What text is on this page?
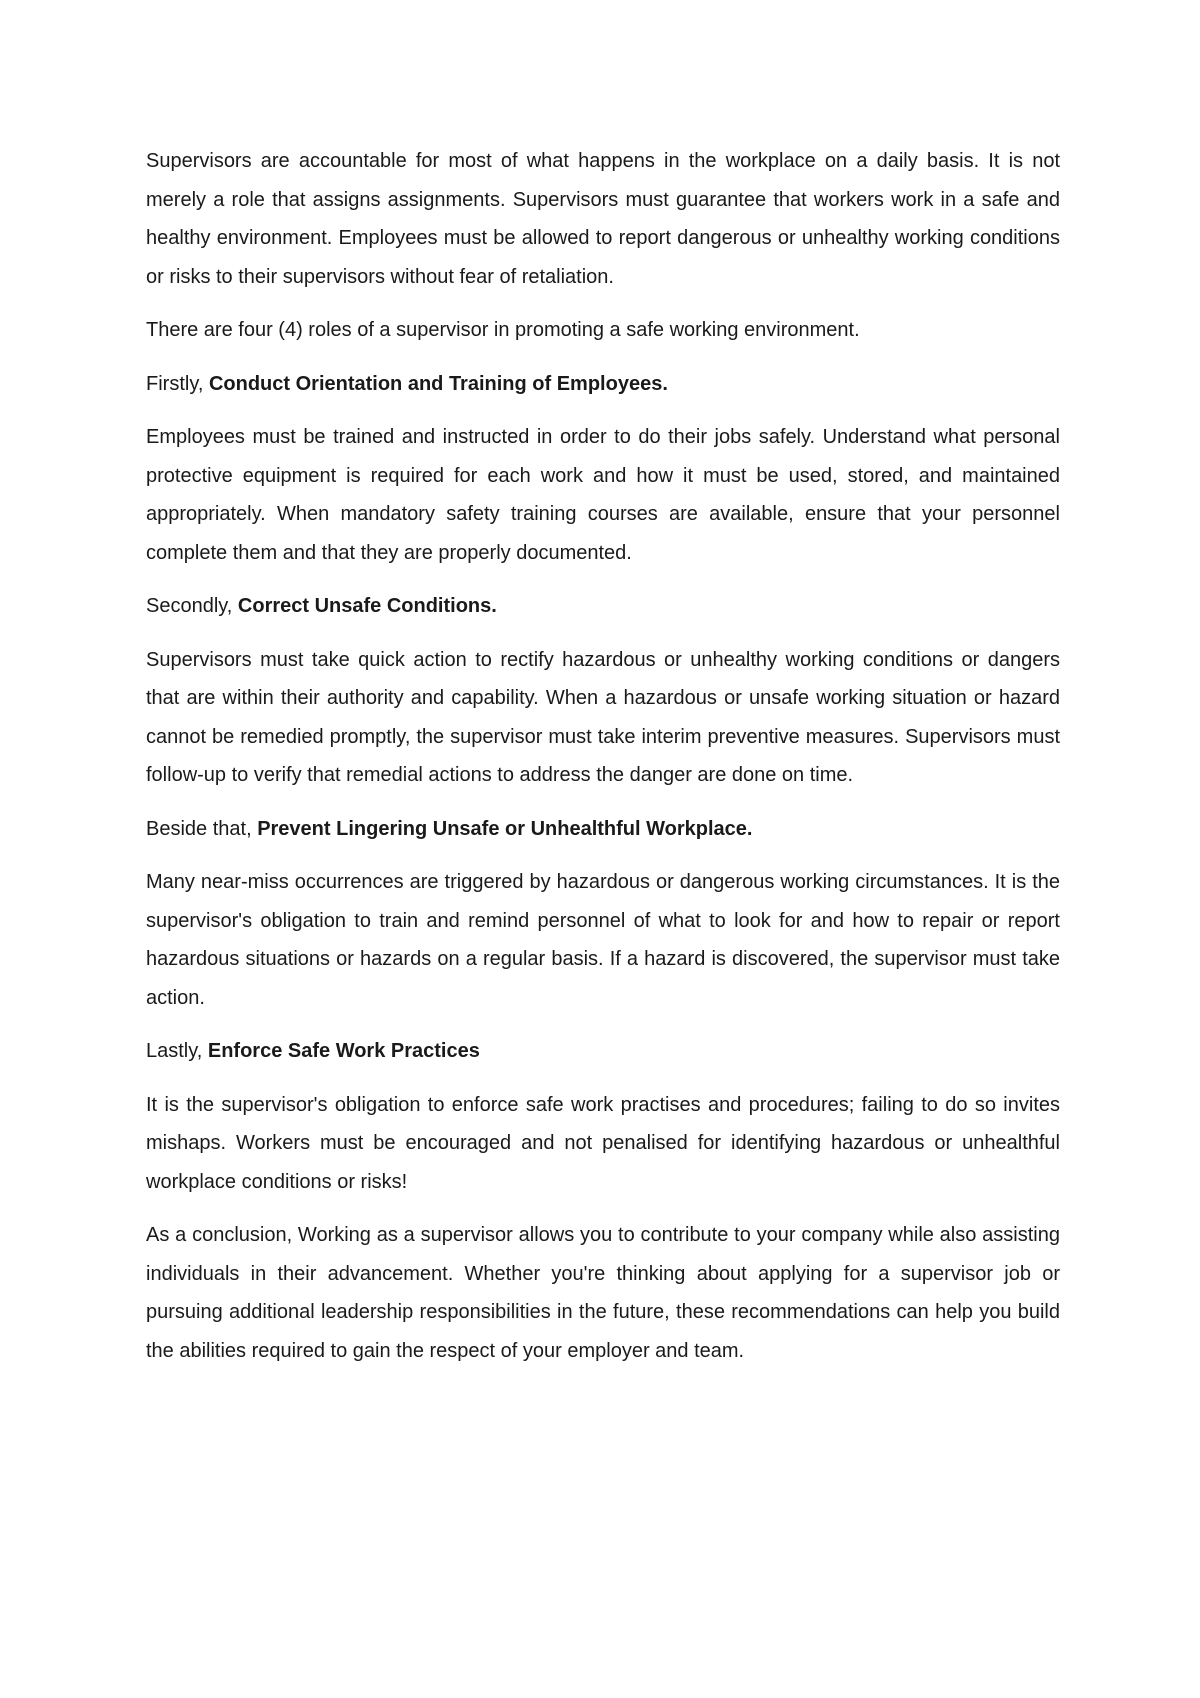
Supervisors are accountable for most of what happens in the workplace on a daily basis. It is not merely a role that assigns assignments. Supervisors must guarantee that workers work in a safe and healthy environment. Employees must be allowed to report dangerous or unhealthy working conditions or risks to their supervisors without fear of retaliation.

There are four (4) roles of a supervisor in promoting a safe working environment.

Firstly, Conduct Orientation and Training of Employees.

Employees must be trained and instructed in order to do their jobs safely. Understand what personal protective equipment is required for each work and how it must be used, stored, and maintained appropriately. When mandatory safety training courses are available, ensure that your personnel complete them and that they are properly documented.

Secondly, Correct Unsafe Conditions.

Supervisors must take quick action to rectify hazardous or unhealthy working conditions or dangers that are within their authority and capability. When a hazardous or unsafe working situation or hazard cannot be remedied promptly, the supervisor must take interim preventive measures. Supervisors must follow-up to verify that remedial actions to address the danger are done on time.

Beside that, Prevent Lingering Unsafe or Unhealthful Workplace.

Many near-miss occurrences are triggered by hazardous or dangerous working circumstances. It is the supervisor's obligation to train and remind personnel of what to look for and how to repair or report hazardous situations or hazards on a regular basis. If a hazard is discovered, the supervisor must take action.

Lastly, Enforce Safe Work Practices

It is the supervisor's obligation to enforce safe work practises and procedures; failing to do so invites mishaps. Workers must be encouraged and not penalised for identifying hazardous or unhealthful workplace conditions or risks!

As a conclusion, Working as a supervisor allows you to contribute to your company while also assisting individuals in their advancement. Whether you're thinking about applying for a supervisor job or pursuing additional leadership responsibilities in the future, these recommendations can help you build the abilities required to gain the respect of your employer and team.
